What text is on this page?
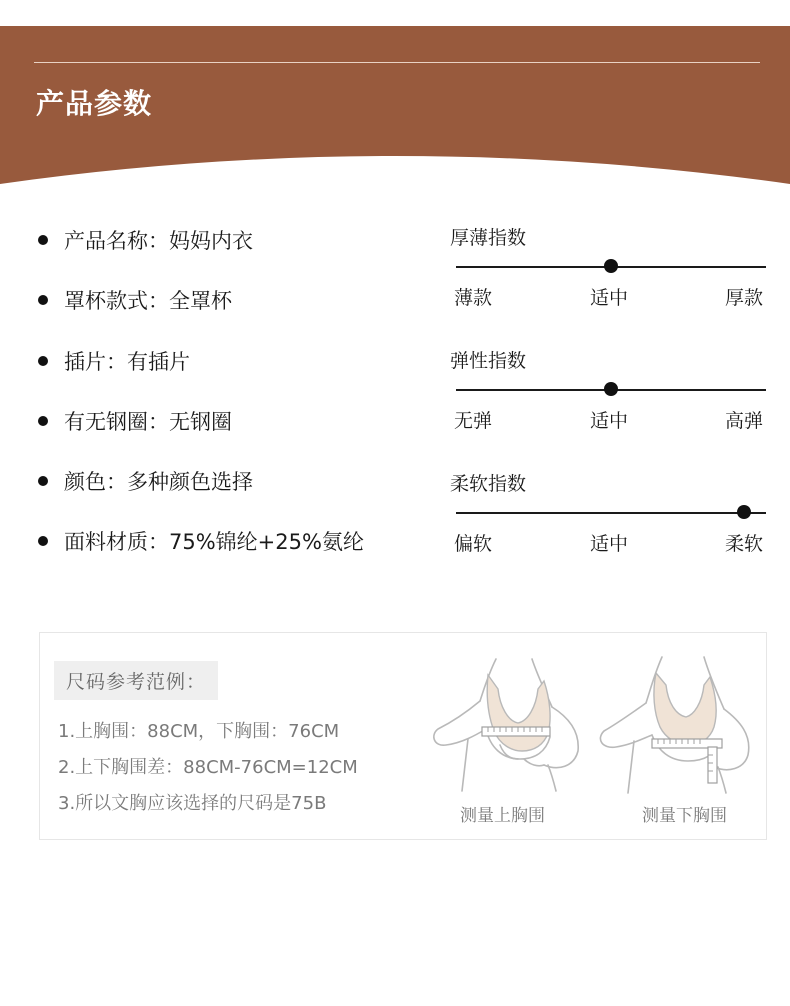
产品参数
产品名称：妈妈内衣
罩杯款式：全罩杯
插片：有插片
有无钢圈：无钢圈
颜色：多种颜色选择
面料材质：75%锦纶+25%氨纶
厚薄指数
薄款	适中	厚款
弹性指数
无弹	适中	高弹
柔软指数
偏软	适中	柔软
尺码参考范例：
1.上胸围：88CM，下胸围：76CM
2.上下胸围差：88CM-76CM=12CM
3.所以文胸应该选择的尺码是75B
测量上胸围	测量下胸围
